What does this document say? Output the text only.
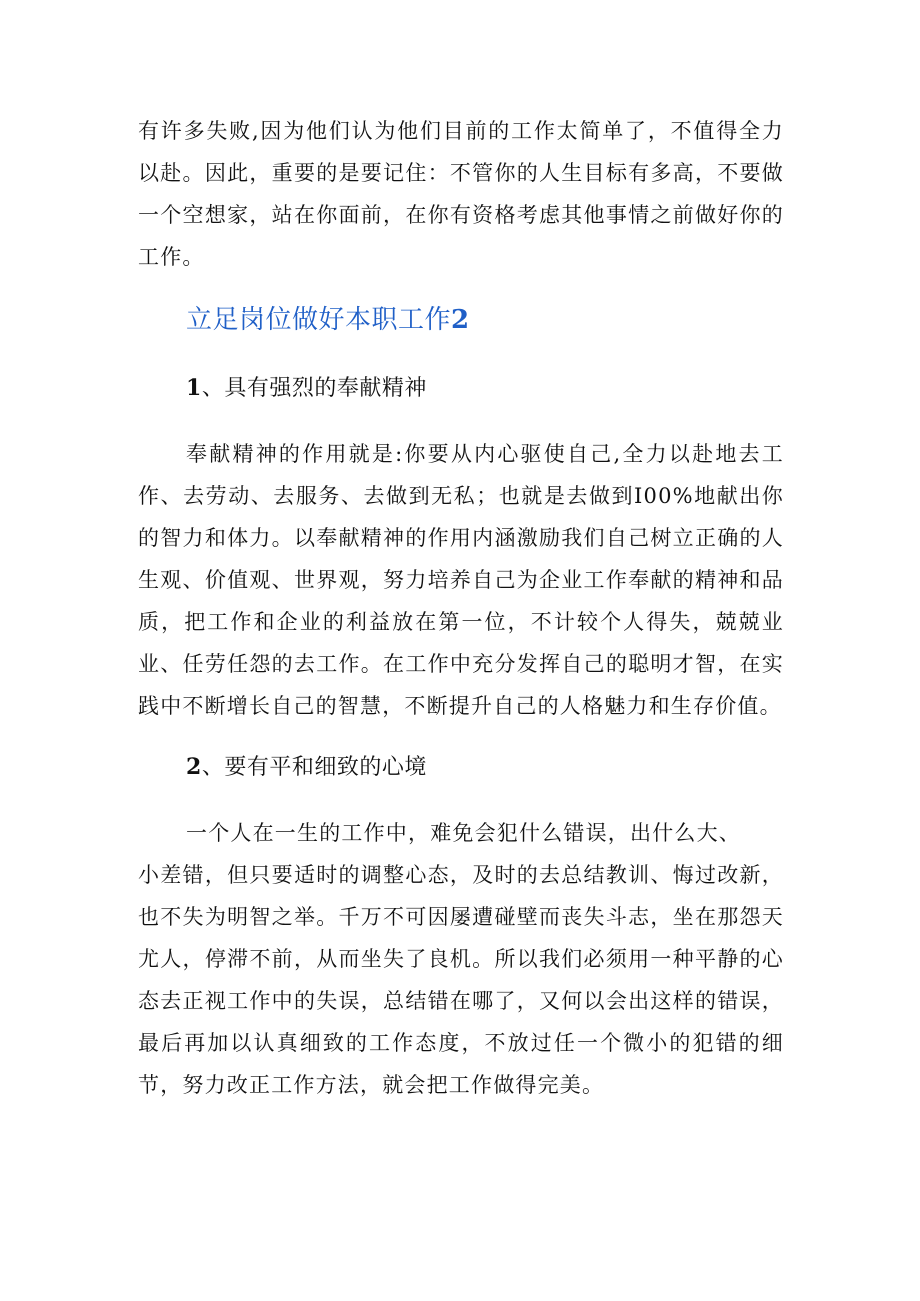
有许多失败,因为他们认为他们目前的工作太简单了，不值得全力以赴。因此，重要的是要记住：不管你的人生目标有多高，不要做一个空想家，站在你面前，在你有资格考虑其他事情之前做好你的工作。

立足岗位做好本职工作2
1、具有强烈的奉献精神

奉献精神的作用就是:你要从内心驱使自己,全力以赴地去工作、去劳动、去服务、去做到无私；也就是去做到I00%地献出你的智力和体力。以奉献精神的作用内涵激励我们自己树立正确的人生观、价值观、世界观，努力培养自己为企业工作奉献的精神和品质，把工作和企业的利益放在第一位，不计较个人得失，兢兢业业、任劳任怨的去工作。在工作中充分发挥自己的聪明才智，在实践中不断增长自己的智慧，不断提升自己的人格魅力和生存价值。

2、要有平和细致的心境

一个人在一生的工作中，难免会犯什么错误，出什么大、

小差错，但只要适时的调整心态，及时的去总结教训、悔过改新，也不失为明智之举。千万不可因屡遭碰壁而丧失斗志，坐在那怨天尤人，停滞不前，从而坐失了良机。所以我们必须用一种平静的心态去正视工作中的失误，总结错在哪了，又何以会出这样的错误，最后再加以认真细致的工作态度，不放过任一个微小的犯错的细节，努力改正工作方法，就会把工作做得完美。
